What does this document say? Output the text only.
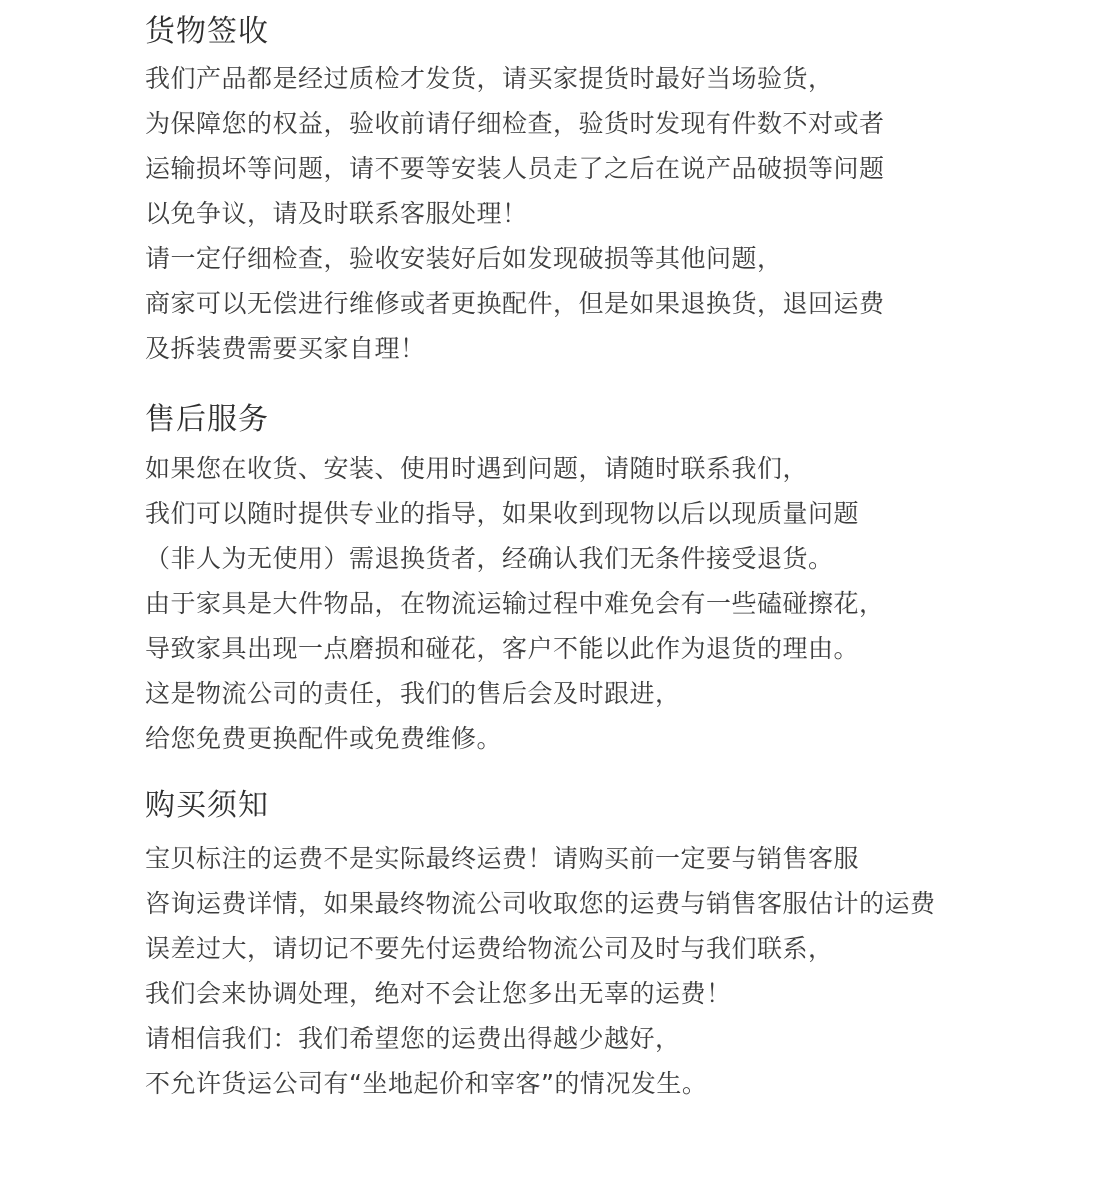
货物签收
我们产品都是经过质检才发货，请买家提货时最好当场验货，
为保障您的权益，验收前请仔细检查，验货时发现有件数不对或者
运输损坏等问题，请不要等安装人员走了之后在说产品破损等问题
以免争议，请及时联系客服处理！
请一定仔细检查，验收安装好后如发现破损等其他问题，
商家可以无偿进行维修或者更换配件，但是如果退换货，退回运费
及拆装费需要买家自理！
售后服务
如果您在收货、安装、使用时遇到问题，请随时联系我们，
我们可以随时提供专业的指导，如果收到现物以后以现质量问题
（非人为无使用）需退换货者，经确认我们无条件接受退货。
由于家具是大件物品，在物流运输过程中难免会有一些磕碰擦花，
导致家具出现一点磨损和碰花，客户不能以此作为退货的理由。
这是物流公司的责任，我们的售后会及时跟进，
给您免费更换配件或免费维修。
购买须知
宝贝标注的运费不是实际最终运费！请购买前一定要与销售客服
咨询运费详情，如果最终物流公司收取您的运费与销售客服估计的运费
误差过大，请切记不要先付运费给物流公司及时与我们联系，
我们会来协调处理，绝对不会让您多出无辜的运费！
请相信我们：我们希望您的运费出得越少越好，
不允许货运公司有“坐地起价和宰客”的情况发生。
